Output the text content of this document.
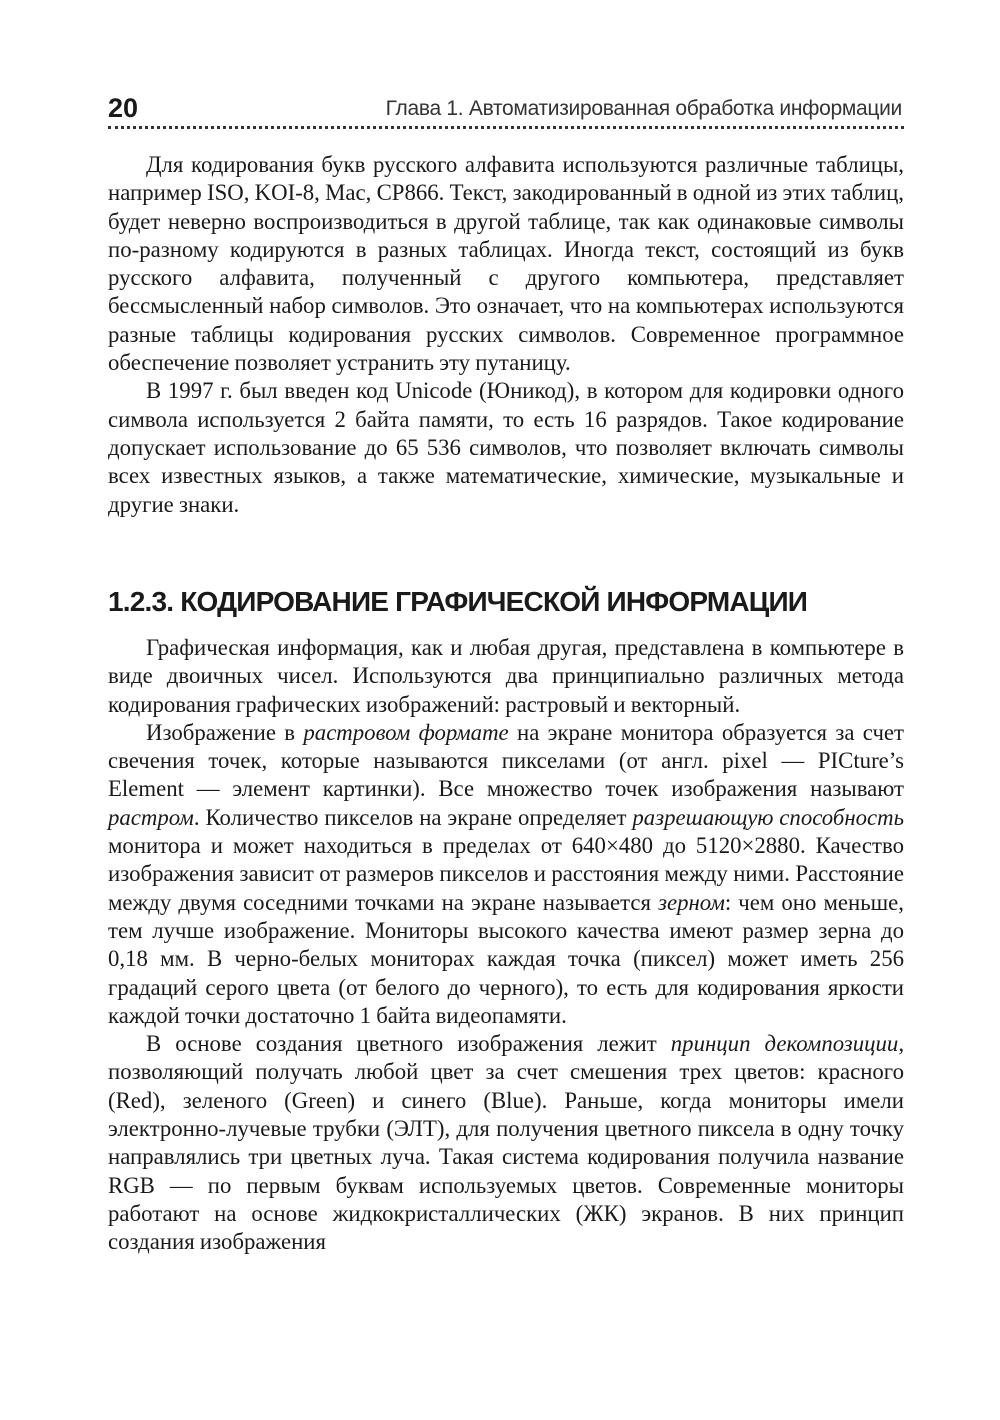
20	Глава 1. Автоматизированная обработка информации

Для кодирования букв русского алфавита используются различные таблицы, например ISO, KOI-8, Mac, CP866. Текст, закодированный в одной из этих таблиц, будет неверно воспроизводиться в другой таблице, так как одинаковые символы по-разному кодируются в разных таблицах. Иногда текст, состоящий из букв русского алфавита, полученный с другого компьютера, представляет бессмысленный набор символов. Это означает, что на компьютерах используются разные таблицы кодирования русских символов. Современное программное обеспечение позволяет устранить эту путаницу.

В 1997 г. был введен код Unicode (Юникод), в котором для кодировки одного символа используется 2 байта памяти, то есть 16 разрядов. Такое кодирование допускает использование до 65 536 символов, что позволяет включать символы всех известных языков, а также математические, химические, музыкальные и другие знаки.

1.2.3. КОДИРОВАНИЕ ГРАФИЧЕСКОЙ ИНФОРМАЦИИ

Графическая информация, как и любая другая, представлена в компьютере в виде двоичных чисел. Используются два принципиально различных метода кодирования графических изображений: растровый и векторный.

Изображение в растровом формате на экране монитора образуется за счет свечения точек, которые называются пикселами (от англ. pixel — PICture’s Element — элемент картинки). Все множество точек изображения называют растром. Количество пикселов на экране определяет разрешающую способность монитора и может находиться в пределах от 640×480 до 5120×2880. Качество изображения зависит от размеров пикселов и расстояния между ними. Расстояние между двумя соседними точками на экране называется зерном: чем оно меньше, тем лучше изображение. Мониторы высокого качества имеют размер зерна до 0,18 мм. В черно-белых мониторах каждая точка (пиксел) может иметь 256 градаций серого цвета (от белого до черного), то есть для кодирования яркости каждой точки достаточно 1 байта видеопамяти.

В основе создания цветного изображения лежит принцип декомпозиции, позволяющий получать любой цвет за счет смешения трех цветов: красного (Red), зеленого (Green) и синего (Blue). Раньше, когда мониторы имели электронно-лучевые трубки (ЭЛТ), для получения цветного пиксела в одну точку направлялись три цветных луча. Такая система кодирования получила название RGB — по первым буквам используемых цветов. Современные мониторы работают на основе жидкокристаллических (ЖК) экранов. В них принцип создания изображения
